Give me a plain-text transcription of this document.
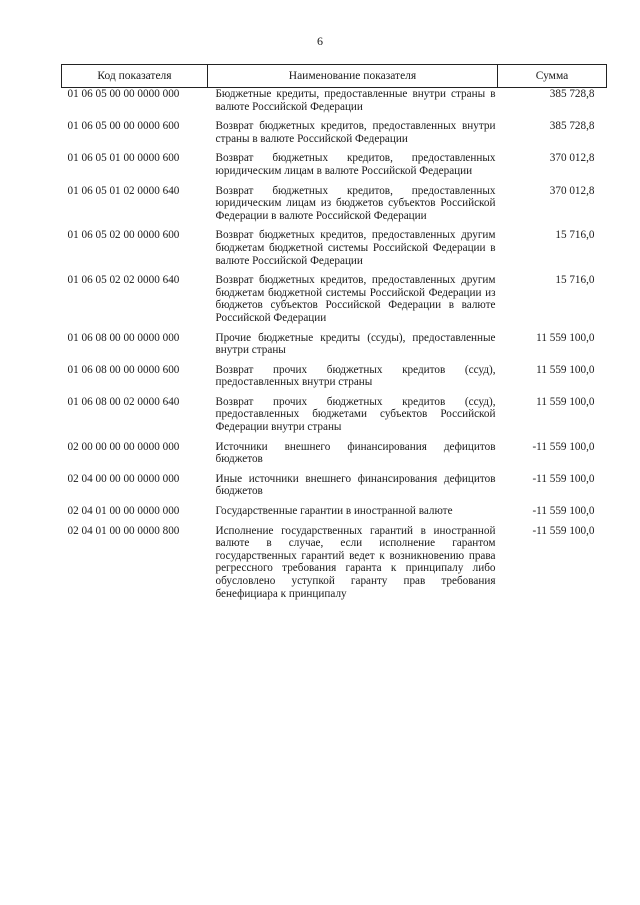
6
Код показателя	Наименование показателя	Сумма
01 06 05 00 00 0000 000	Бюджетные кредиты, предоставленные внутри страны в валюте Российской Федерации	385 728,8
01 06 05 00 00 0000 600	Возврат бюджетных кредитов, предоставленных внутри страны в валюте Российской Федерации	385 728,8
01 06 05 01 00 0000 600	Возврат бюджетных кредитов, предоставленных юридическим лицам в валюте Российской Федерации	370 012,8
01 06 05 01 02 0000 640	Возврат бюджетных кредитов, предоставленных юридическим лицам из бюджетов субъектов Российской Федерации в валюте Российской Федерации	370 012,8
01 06 05 02 00 0000 600	Возврат бюджетных кредитов, предоставленных другим бюджетам бюджетной системы Российской Федерации в валюте Российской Федерации	15 716,0
01 06 05 02 02 0000 640	Возврат бюджетных кредитов, предоставленных другим бюджетам бюджетной системы Российской Федерации из бюджетов субъектов Российской Федерации в валюте Российской Федерации	15 716,0
01 06 08 00 00 0000 000	Прочие бюджетные кредиты (ссуды), предоставленные внутри страны	11 559 100,0
01 06 08 00 00 0000 600	Возврат прочих бюджетных кредитов (ссуд), предоставленных внутри страны	11 559 100,0
01 06 08 00 02 0000 640	Возврат прочих бюджетных кредитов (ссуд), предоставленных бюджетами субъектов Российской Федерации внутри страны	11 559 100,0
02 00 00 00 00 0000 000	Источники внешнего финансирования дефицитов бюджетов	-11 559 100,0
02 04 00 00 00 0000 000	Иные источники внешнего финансирования дефицитов бюджетов	-11 559 100,0
02 04 01 00 00 0000 000	Государственные гарантии в иностранной валюте	-11 559 100,0
02 04 01 00 00 0000 800	Исполнение государственных гарантий в иностранной валюте в случае, если исполнение гарантом государственных гарантий ведет к возникновению права регрессного требования гаранта к принципалу либо обусловлено уступкой гаранту прав требования бенефициара к принципалу	-11 559 100,0
